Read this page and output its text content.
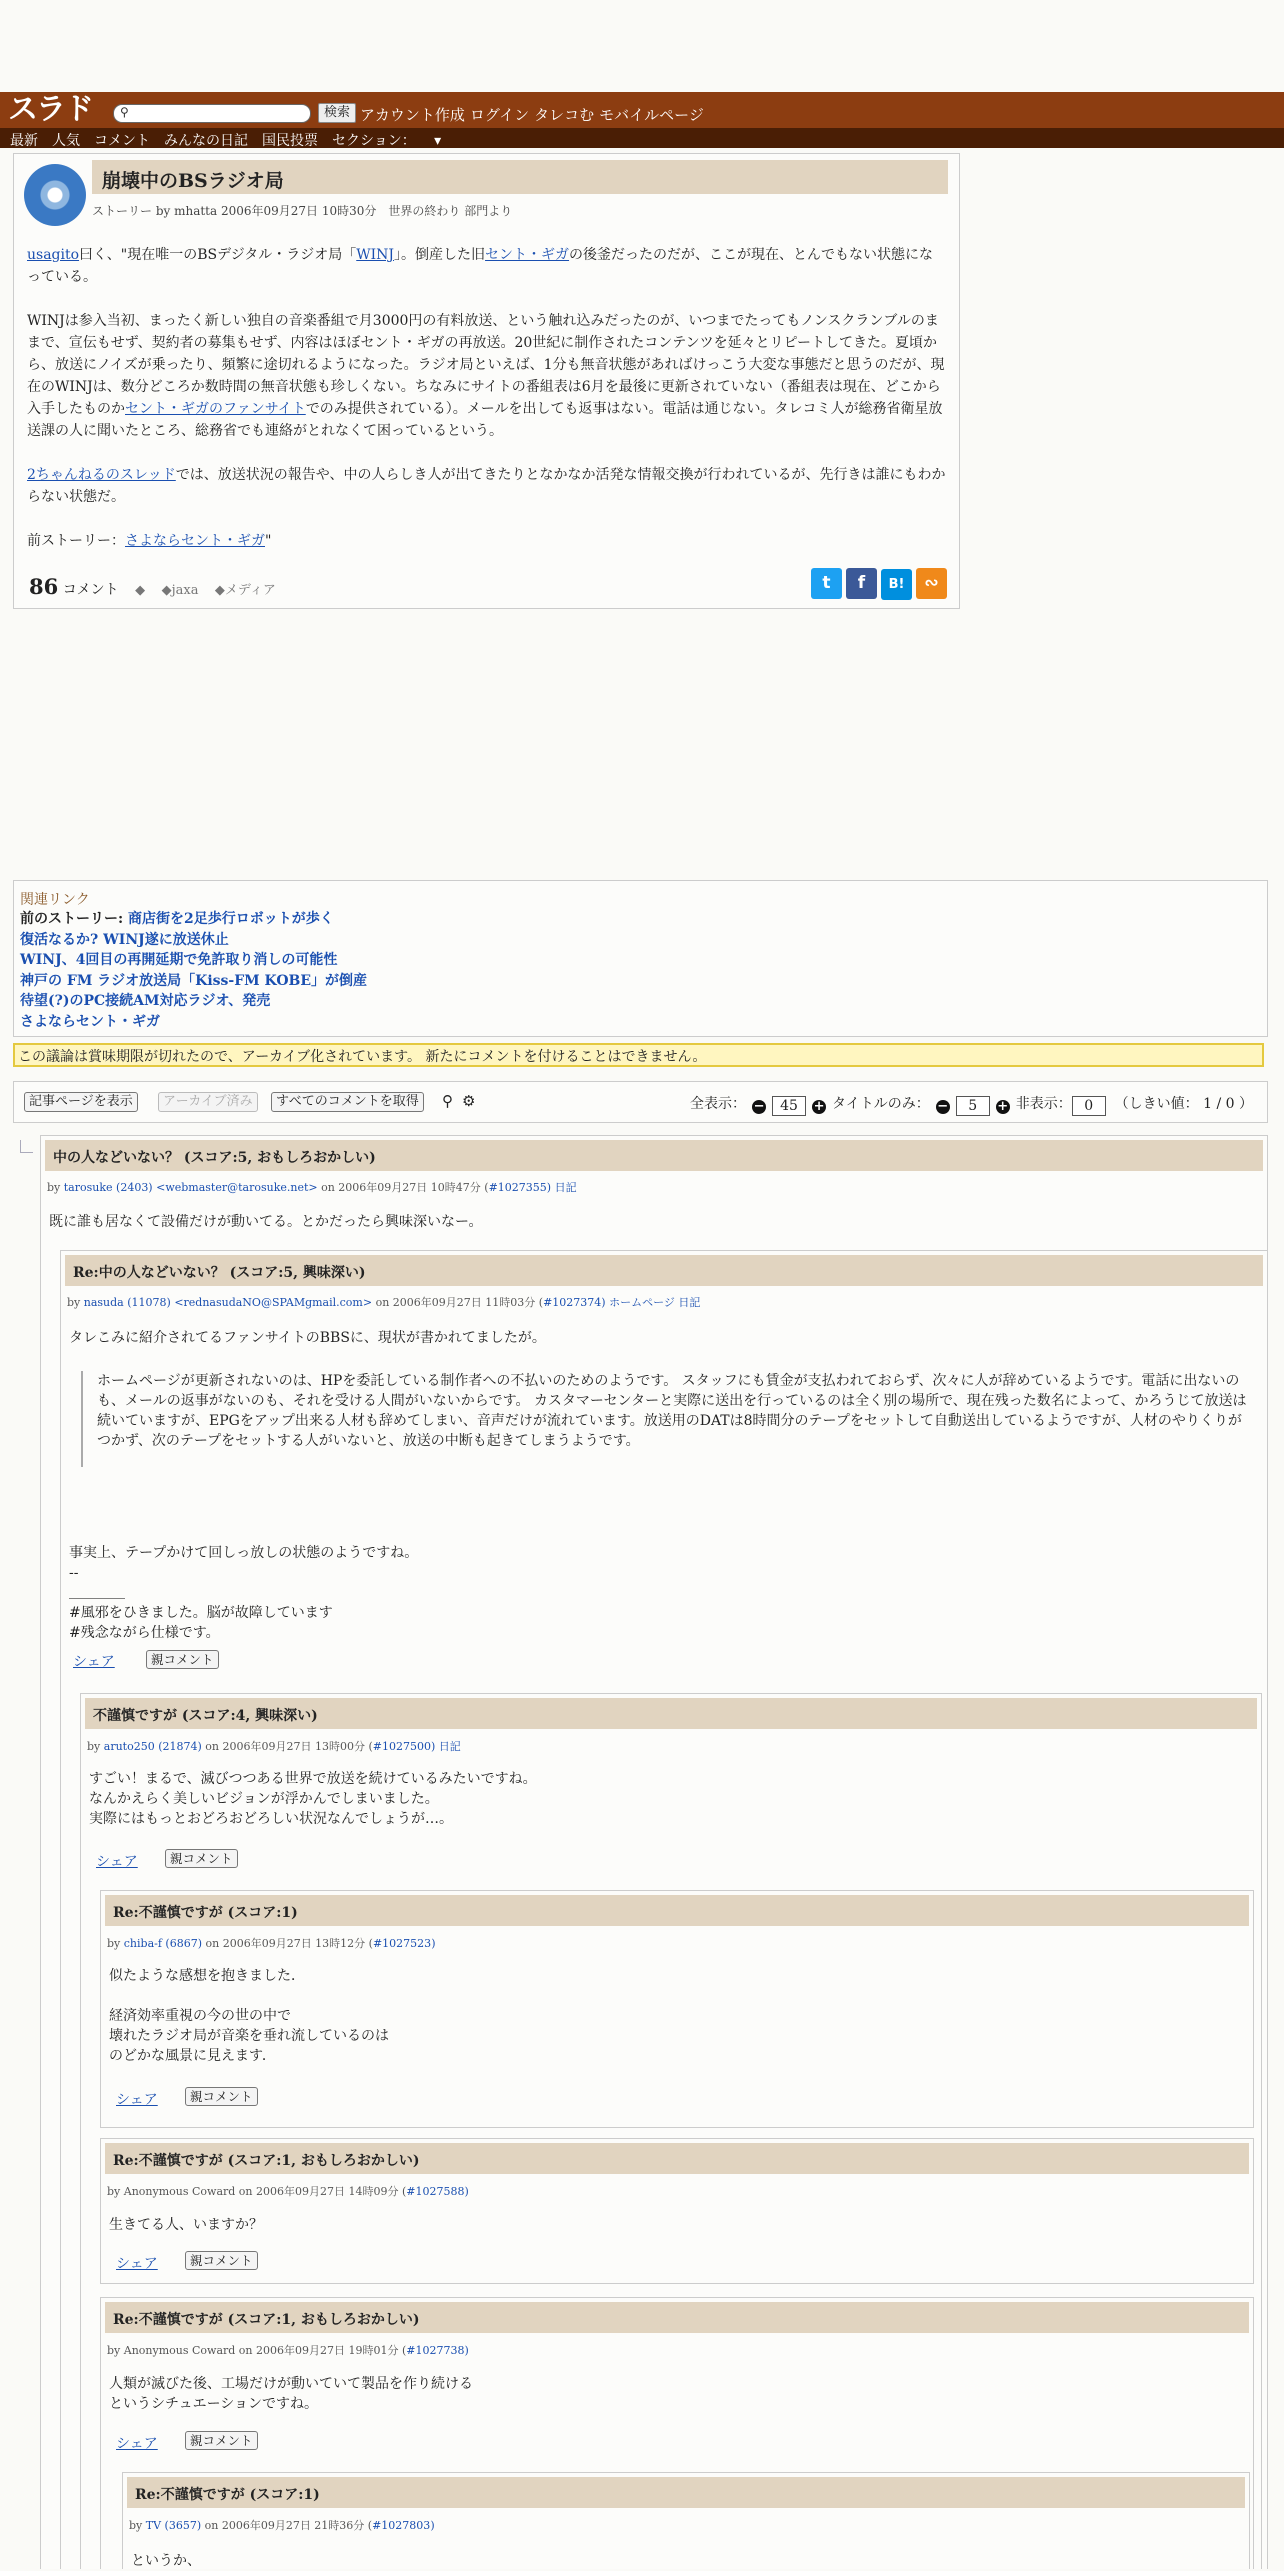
スラド ⚲	検索 アカウント作成 ログイン タレコむ モバイルページ
最新 人気 コメント みんなの日記 国民投票 セクション： ▾
崩壊中のBSラジオ局
ストーリー by mhatta 2006年09月27日 10時30分　世界の終わり 部門より

usagito曰く、"現在唯一のBSデジタル・ラジオ局「WINJ」。倒産した旧セント・ギガの後釜だったのだが、ここが現在、とんでもない状態になっている。

WINJは参入当初、まったく新しい独自の音楽番組で月3000円の有料放送、という触れ込みだったのが、いつまでたってもノンスクランブルのままで、宣伝もせず、契約者の募集もせず、内容はほぼセント・ギガの再放送。20世紀に制作されたコンテンツを延々とリピートしてきた。夏頃から、放送にノイズが乗ったり、頻繁に途切れるようになった。ラジオ局といえば、1分も無音状態があればけっこう大変な事態だと思うのだが、現在のWINJは、数分どころか数時間の無音状態も珍しくない。ちなみにサイトの番組表は6月を最後に更新されていない（番組表は現在、どこから入手したものかセント・ギガのファンサイトでのみ提供されている）。メールを出しても返事はない。電話は通じない。タレコミ人が総務省衛星放送課の人に聞いたところ、総務省でも連絡がとれなくて困っているという。

2ちゃんねるのスレッドでは、放送状況の報告や、中の人らしき人が出てきたりとなかなか活発な情報交換が行われているが、先行きは誰にもわからない状態だ。

前ストーリー：さよならセント・ギガ"

86 コメント ◆ ◆jaxa ◆メディア	t f B! ∾
関連リンク
前のストーリー: 商店街を2足歩行ロボットが歩く
復活なるか? WINJ遂に放送休止
WINJ、4回目の再開延期で免許取り消しの可能性
神戸の FM ラジオ放送局「Kiss-FM KOBE」が倒産
待望(?)のPC接続AM対応ラジオ、発売
さよならセント・ギガ
この議論は賞味期限が切れたので、アーカイブ化されています。 新たにコメントを付けることはできません。
記事ページを表示	アーカイブ済み	すべてのコメントを取得	⚲ ⚙	全表示： − 45 + タイトルのみ： − 5 + 非表示： 0 （しきい値： 1 / 0 ）
中の人などいない？ (スコア:5, おもしろおかしい)
by tarosuke (2403) <webmaster@tarosuke.net> on 2006年09月27日 10時47分 (#1027355) 日記
既に誰も居なくて設備だけが動いてる。とかだったら興味深いなー。
Re:中の人などいない？ (スコア:5, 興味深い)
by nasuda (11078) <rednasudaNO@SPAMgmail.com> on 2006年09月27日 11時03分 (#1027374) ホームページ 日記
タレこみに紹介されてるファンサイトのBBSに、現状が書かれてましたが。
ホームページが更新されないのは、HPを委託している制作者への不払いのためのようです。 スタッフにも賃金が支払われておらず、次々に人が辞めているようです。電話に出ないのも、メールの返事がないのも、それを受ける人間がいないからです。 カスタマーセンターと実際に送出を行っているのは全く別の場所で、現在残った数名によって、かろうじて放送は続いていますが、EPGをアップ出来る人材も辞めてしまい、音声だけが流れています。放送用のDATは8時間分のテープをセットして自動送出しているようですが、人材のやりくりがつかず、次のテープをセットする人がいないと、放送の中断も起きてしまうようです。
事実上、テープかけて回しっ放しの状態のようですね。
--
＿＿＿＿
#風邪をひきました。脳が故障しています
#残念ながら仕様です。
シェア	親コメント
不謹慎ですが (スコア:4, 興味深い)
by aruto250 (21874) on 2006年09月27日 13時00分 (#1027500) 日記
すごい！まるで、滅びつつある世界で放送を続けているみたいですね。
なんかえらく美しいビジョンが浮かんでしまいました。
実際にはもっとおどろおどろしい状況なんでしょうが…。
シェア	親コメント
Re:不謹慎ですが (スコア:1)
by chiba-f (6867) on 2006年09月27日 13時12分 (#1027523)
似たような感想を抱きました．

経済効率重視の今の世の中で
壊れたラジオ局が音楽を垂れ流しているのは
のどかな風景に見えます．
シェア	親コメント
Re:不謹慎ですが (スコア:1, おもしろおかしい)
by Anonymous Coward on 2006年09月27日 14時09分 (#1027588)
生きてる人、いますか？
シェア	親コメント
Re:不謹慎ですが (スコア:1, おもしろおかしい)
by Anonymous Coward on 2006年09月27日 19時01分 (#1027738)
人類が滅びた後、工場だけが動いていて製品を作り続ける
というシチュエーションですね。
シェア	親コメント
Re:不謹慎ですが (スコア:1)
by TV (3657) on 2006年09月27日 21時36分 (#1027803)
というか、
